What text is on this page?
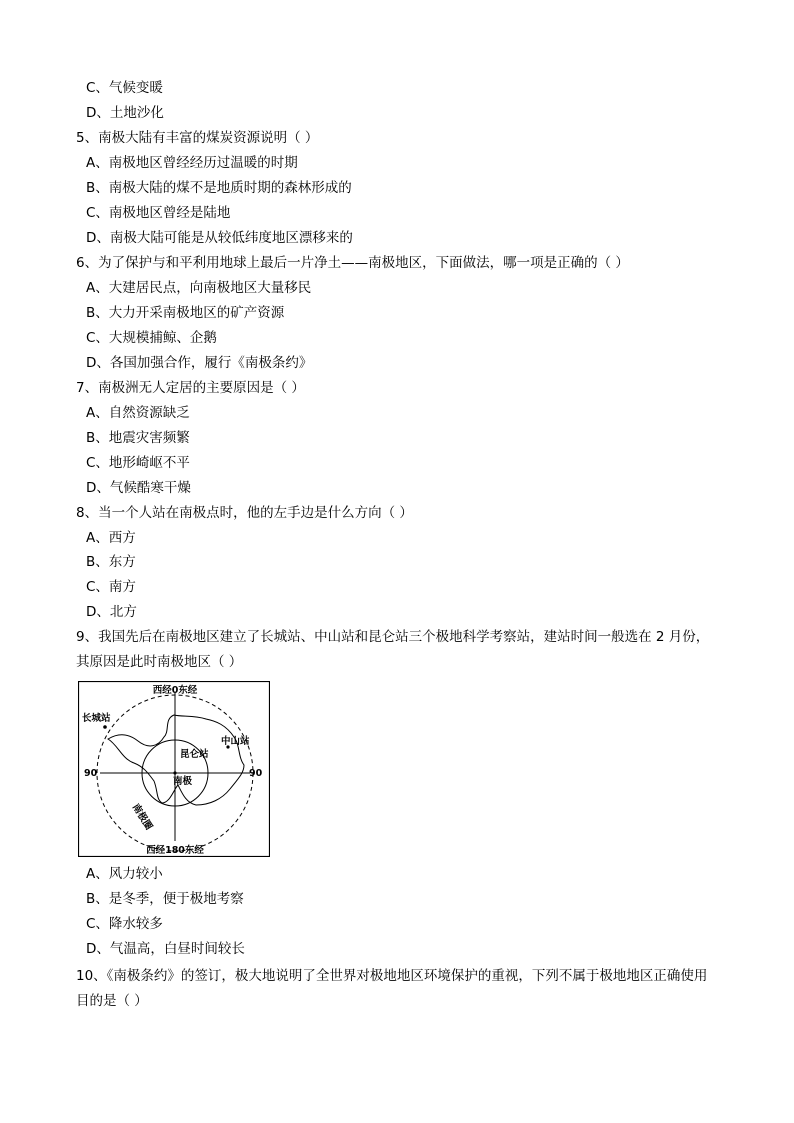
C、气候变暖
D、土地沙化
5、南极大陆有丰富的煤炭资源说明（ ）
A、南极地区曾经经历过温暖的时期
B、南极大陆的煤不是地质时期的森林形成的
C、南极地区曾经是陆地
D、南极大陆可能是从较低纬度地区漂移来的
6、为了保护与和平利用地球上最后一片净土——南极地区，下面做法，哪一项是正确的（ ）
A、大建居民点，向南极地区大量移民
B、大力开采南极地区的矿产资源
C、大规模捕鲸、企鹅
D、各国加强合作，履行《南极条约》
7、南极洲无人定居的主要原因是（ ）
A、自然资源缺乏
B、地震灾害频繁
C、地形崎岖不平
D、气候酷寒干燥
8、当一个人站在南极点时，他的左手边是什么方向（ ）
A、西方
B、东方
C、南方
D、北方
9、我国先后在南极地区建立了长城站、中山站和昆仑站三个极地科学考察站，建站时间一般选在 2 月份，
其原因是此时南极地区（ ）
西经0东经
西经180东经
90	90
长城站
中山站
昆仑站
南极
南极圈
A、风力较小
B、是冬季，便于极地考察
C、降水较多
D、气温高，白昼时间较长
10、《南极条约》的签订，极大地说明了全世界对极地地区环境保护的重视，下列不属于极地地区正确使用目的是（ ）
